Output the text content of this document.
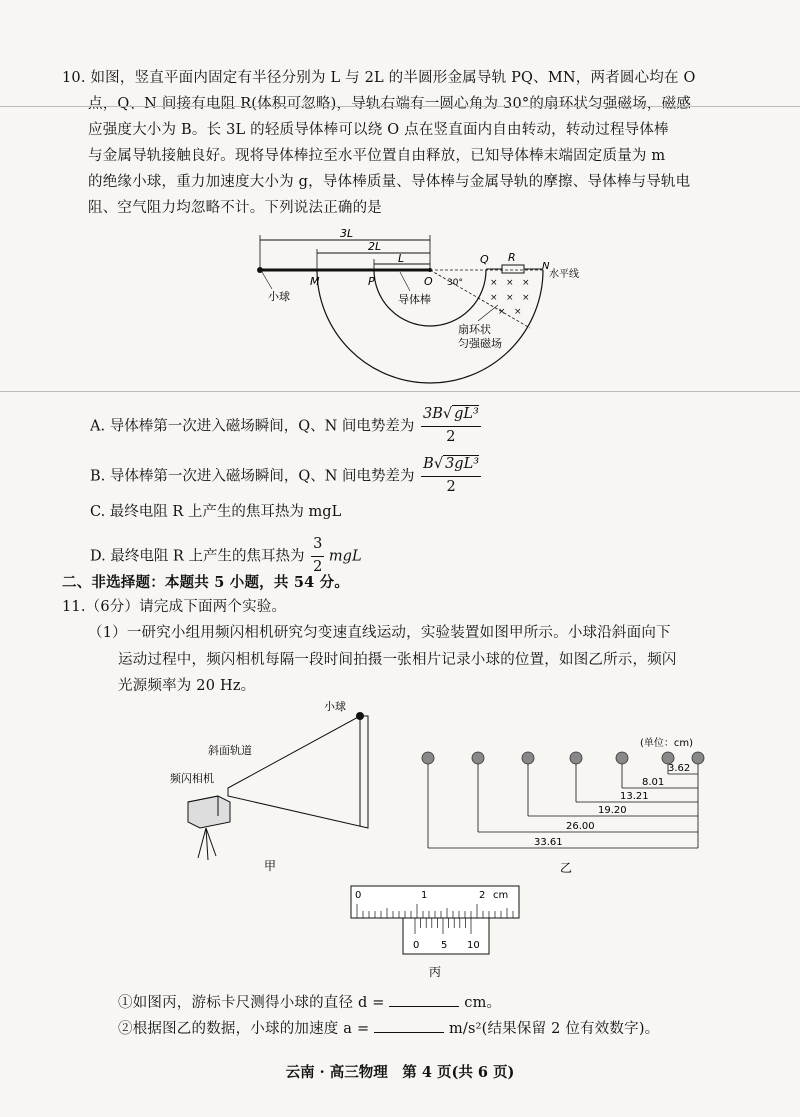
10. 如图，竖直平面内固定有半径分别为 L 与 2L 的半圆形金属导轨 PQ、MN，两者圆心均在 O
点，Q、N 间接有电阻 R(体积可忽略)，导轨右端有一圆心角为 30°的扇环状匀强磁场，磁感
应强度大小为 B。长 3L 的轻质导体棒可以绕 O 点在竖直面内自由转动，转动过程导体棒
与金属导轨接触良好。现将导体棒拉至水平位置自由释放，已知导体棒末端固定质量为 m
的绝缘小球，重力加速度大小为 g，导体棒质量、导体棒与金属导轨的摩擦、导体棒与导轨电
阻、空气阻力均忽略不计。下列说法正确的是
3L
2L
L
× × ×
× × ×
× ×
M	P	O
Q R
N
水平线
30°
小球	导体棒
扇环状
匀强磁场
A. 导体棒第一次进入磁场瞬间，Q、N 间电势差为 $\frac{\text{3B√ gL³}}{2}$
B. 导体棒第一次进入磁场瞬间，Q、N 间电势差为 $\frac{\text{B√ 3gL³}}{2}$
C. 最终电阻 R 上产生的焦耳热为 mgL
D. 最终电阻 R 上产生的焦耳热为 $\frac{3}{2}$ mgL
二、非选择题：本题共 5 小题，共 54 分。
11.（6分）请完成下面两个实验。
（1）一研究小组用频闪相机研究匀变速直线运动，实验装置如图甲所示。小球沿斜面向下
运动过程中，频闪相机每隔一段时间拍摄一张相片记录小球的位置，如图乙所示，频闪
光源频率为 20 Hz。
小球
斜面轨道
频闪相机
甲
(单位：cm)
3.62
8.01
13.21
19.20
26.00
33.61
乙
0	1	2 cm
0 5 10
丙
①如图丙，游标卡尺测得小球的直径 d =	cm。
②根据图乙的数据，小球的加速度 a =	m/s²(结果保留 2 位有效数字)。
云南 · 高三物理　第 4 页(共 6 页)
